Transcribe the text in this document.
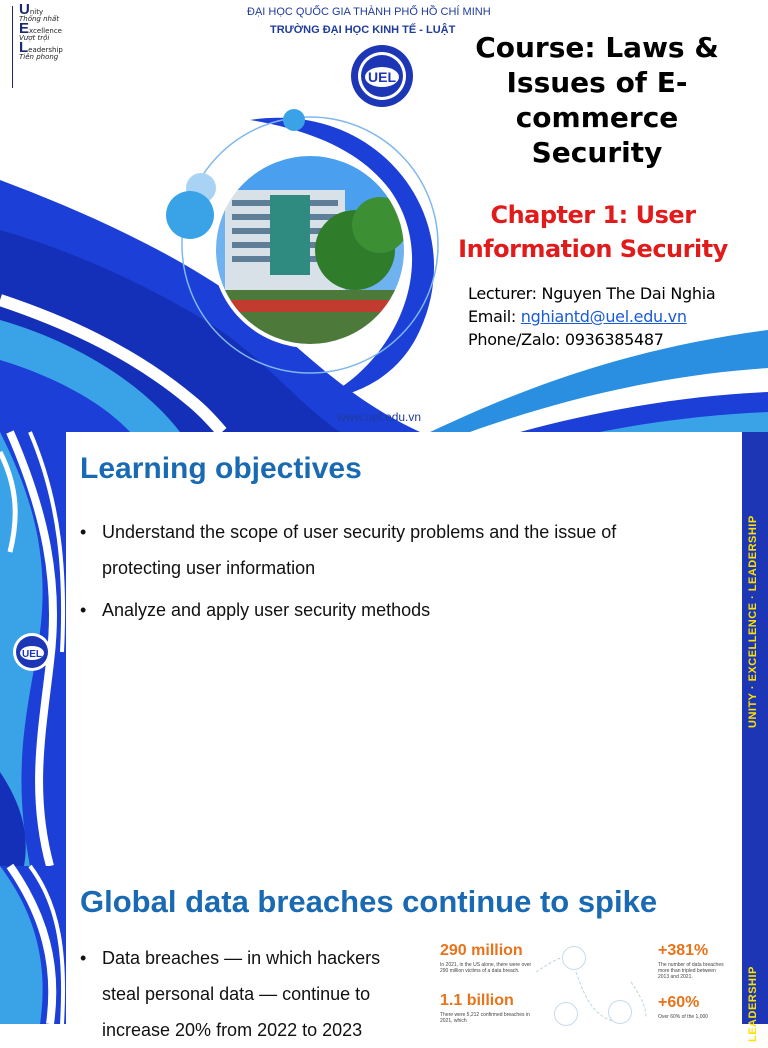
Unity
Thống nhất
Excellence
Vượt trội
Leadership
Tiên phong
ĐẠI HỌC QUỐC GIA THÀNH PHỐ HỒ CHÍ MINH
TRƯỜNG ĐẠI HỌC KINH TẾ - LUẬT
UEL
Course: Laws & Issues of E-commerce Security
Chapter 1: User Information Security
Lecturer: Nguyen The Dai Nghia
Email: nghiantd@uel.edu.vn
Phone/Zalo: 0936385487
www.uel.edu.vn
UEL
Learning objectives
• Understand the scope of user security problems and the issue of protecting user information
• Analyze and apply user security methods	UNITY · EXCELLENCE · LEADERSHIP
Global data breaches continue to spike
• Data breaches — in which hackers steal personal data — continue to increase 20% from 2022 to 2023
290 million
In 2021, in the US alone, there were over 290 million victims of a data breach.
1.1 billion
There were 5,212 confirmed breaches in 2021, which
+381%
The number of data breaches more than tripled between 2013 and 2021.
+60%
Over 60% of the 1,000	LEADERSHIP
